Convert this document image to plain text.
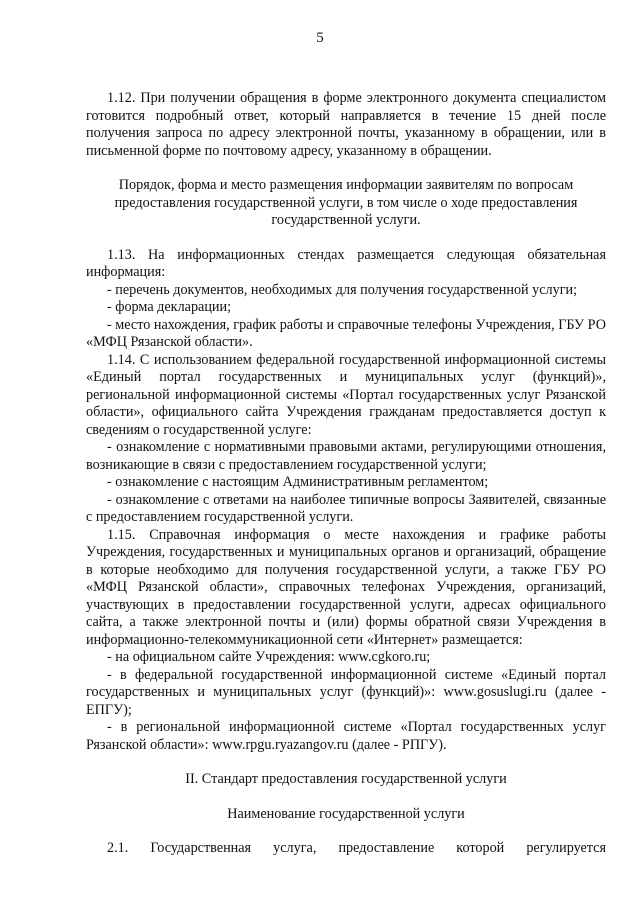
5

1.12. При получении обращения в форме электронного документа специалистом готовится подробный ответ, который направляется в течение 15 дней после получения запроса по адресу электронной почты, указанному в обращении, или в письменной форме по почтовому адресу, указанному в обращении.

Порядок, форма и место размещения информации заявителям по вопросам предоставления государственной услуги, в том числе о ходе предоставления государственной услуги.

1.13. На информационных стендах размещается следующая обязательная информация:

- перечень документов, необходимых для получения государственной услуги;

- форма декларации;

- место нахождения, график работы и справочные телефоны Учреждения, ГБУ РО «МФЦ Рязанской области».

1.14. С использованием федеральной государственной информационной системы «Единый портал государственных и муниципальных услуг (функций)», региональной информационной системы «Портал государственных услуг Рязанской области», официального сайта Учреждения гражданам предоставляется доступ к сведениям о государственной услуге:

- ознакомление с нормативными правовыми актами, регулирующими отношения, возникающие в связи с предоставлением государственной услуги;

- ознакомление с настоящим Административным регламентом;

- ознакомление с ответами на наиболее типичные вопросы Заявителей, связанные с предоставлением государственной услуги.

1.15. Справочная информация о месте нахождения и графике работы Учреждения, государственных и муниципальных органов и организаций, обращение в которые необходимо для получения государственной услуги, а также ГБУ РО «МФЦ Рязанской области», справочных телефонах Учреждения, организаций, участвующих в предоставлении государственной услуги, адресах официального сайта, а также электронной почты и (или) формы обратной связи Учреждения в информационно-телекоммуникационной сети «Интернет» размещается:

- на официальном сайте Учреждения: www.cgkoro.ru;

- в федеральной государственной информационной системе «Единый портал государственных и муниципальных услуг (функций)»: www.gosuslugi.ru (далее - ЕПГУ);

- в региональной информационной системе «Портал государственных услуг Рязанской области»: www.rpgu.ryazangov.ru (далее - РПГУ).

II. Стандарт предоставления государственной услуги

Наименование государственной услуги

2.1. Государственная услуга, предоставление которой регулируется
